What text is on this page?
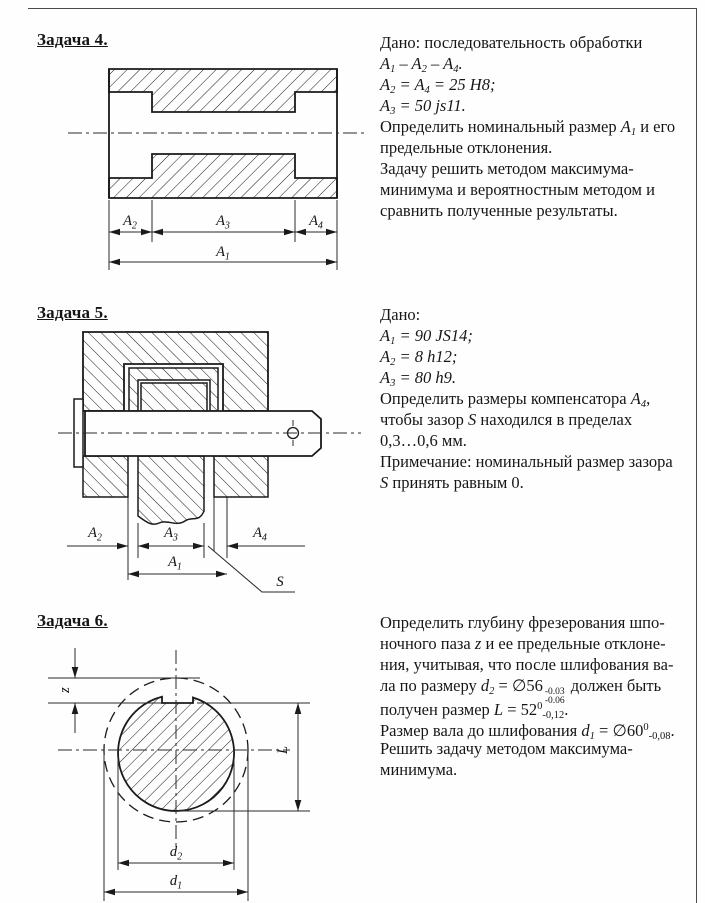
Задача 4.
$A_2$	$A_3$	$A_4$
$A_1$
Дано: последовательность обработки
$A_1 - A_2 - A_4$.
$A_2 = A_4 = 25$ H8;
$A_3 = 50$ js11.
Определить номинальный размер $A_1$ и его
предельные отклонения.
Задачу решить методом максимума-
минимума и вероятностным методом и
сравнить полученные результаты.
Задача 5.
$A_2$	$A_3$	$A_4$
$A_1$
S
Дано:
$A_1 = 90$ JS14;
$A_2 = 8$ h12;
$A_3 = 80$ h9.
Определить размеры компенсатора $A_4$,
чтобы зазор S находился в пределах
0,3…0,6 мм.
Примечание: номинальный размер зазора
S принять равным 0.
Задача 6.
z
L
$d_2$
$d_1$
Определить глубину фрезерования шпо-
ночного паза z и ее предельные отклоне-
ния, учитывая, что после шлифования ва-
ла по размеру $d_2$ = ∅56 -0.03
-0.06
должен быть
получен размер $L = 52^0_{-0,12}$.
Размер вала до шлифования $d_1$ = $\emptyset 60^0_{-0,08}$.
Решить задачу методом максимума-
минимума.
